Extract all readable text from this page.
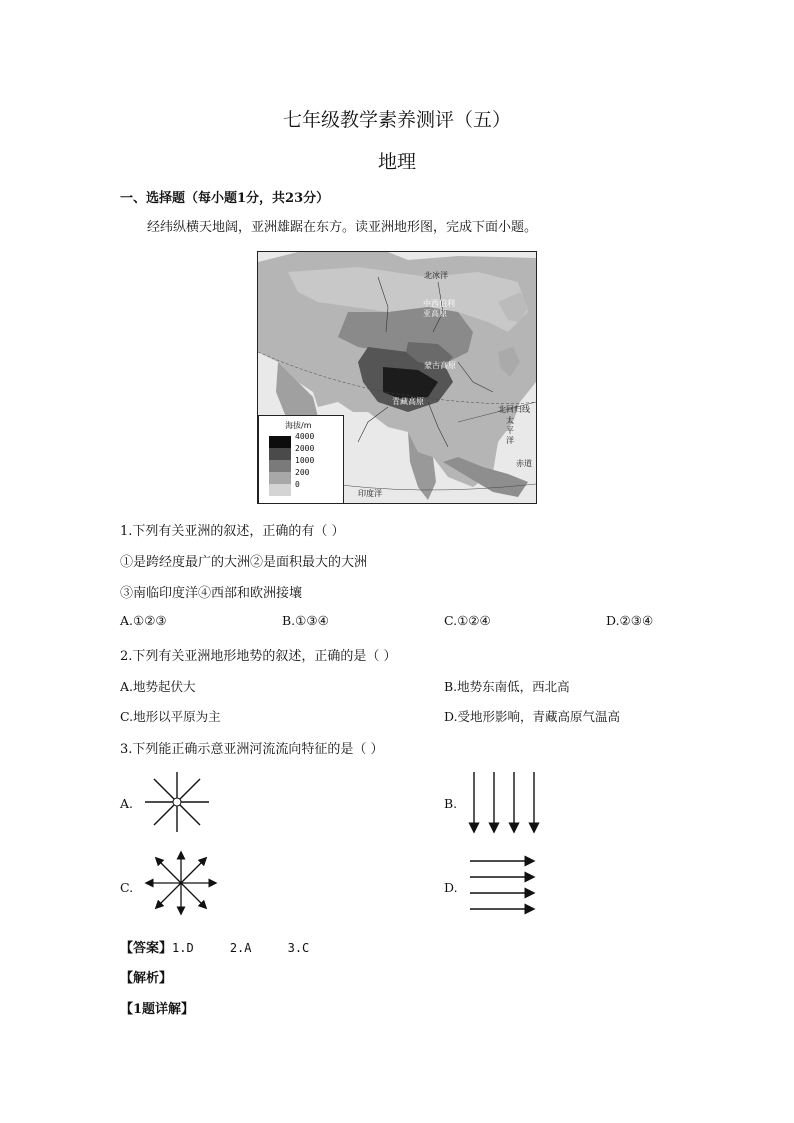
七年级教学素养测评（五）
地理
一、选择题（每小题1分，共23分）
经纬纵横天地阔，亚洲雄踞在东方。读亚洲地形图，完成下面小题。
北冰洋
中西伯利
亚高原
蒙古高原
青藏高原
太
平
洋
北回归线
印度洋
赤道
海拔/m
4000
2000
1000
200
0
1.下列有关亚洲的叙述，正确的有（ ）
①是跨经度最广的大洲②是面积最大的大洲
③南临印度洋④西部和欧洲接壤
A.①②③	B.①③④	C.①②④	D.②③④
2.下列有关亚洲地形地势的叙述，正确的是（ ）
A.地势起伏大	B.地势东南低，西北高
C.地形以平原为主	D.受地形影响，青藏高原气温高
3.下列能正确示意亚洲河流流向特征的是（ ）
A.	B.
C.	D.
【答案】1.D     2.A     3.C
【解析】
【1题详解】
